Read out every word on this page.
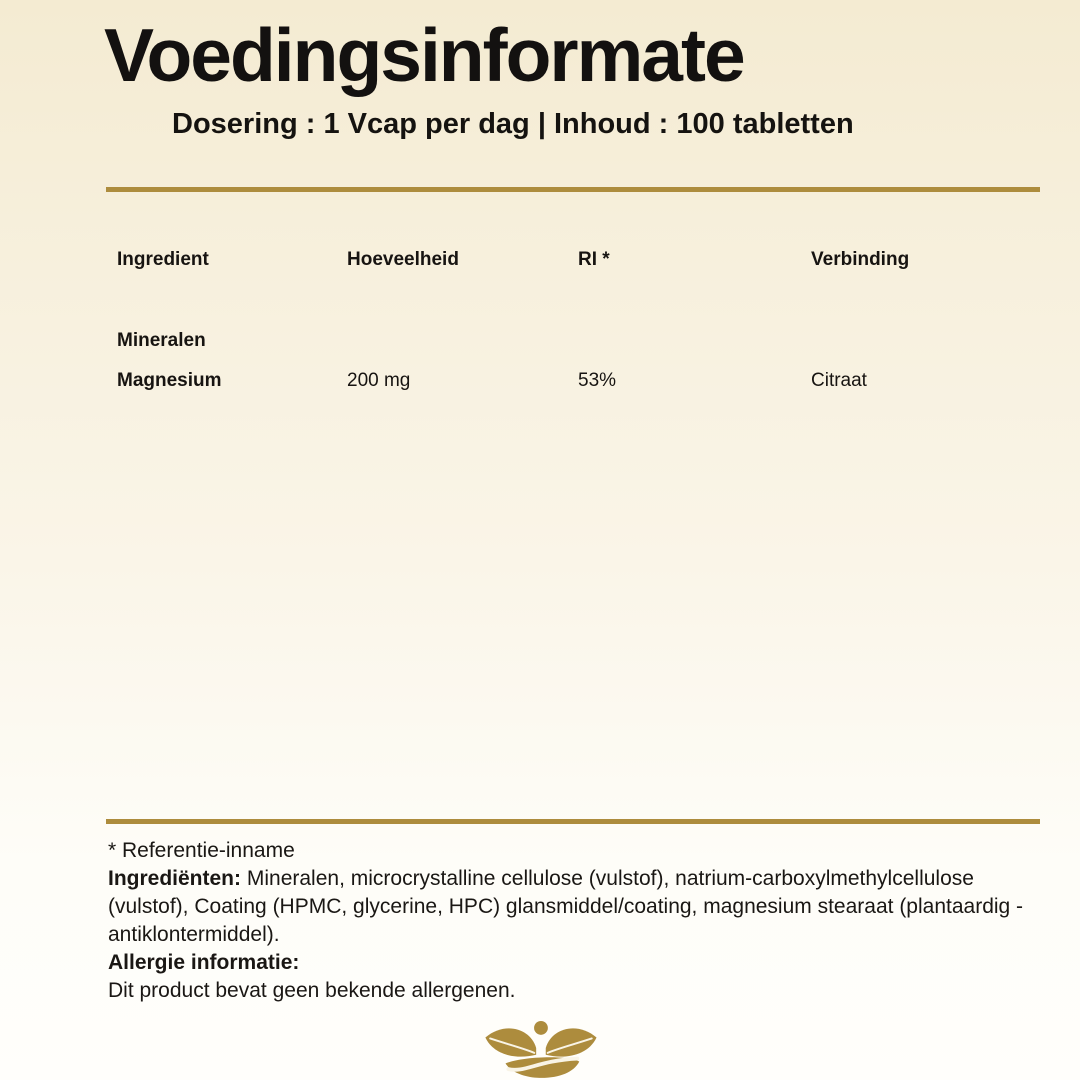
Voedingsinformate
Dosering : 1 Vcap per dag | Inhoud : 100 tabletten
Ingredient	Hoeveelheid	RI *	Verbinding
Mineralen
Magnesium	200 mg	53%	Citraat

* Referentie-inname

Ingrediënten: Mineralen, microcrystalline cellulose (vulstof), natrium-carboxylmethylcellulose (vulstof), Coating (HPMC, glycerine, HPC) glansmiddel/coating, magnesium stearaat (plantaardig - antiklontermiddel).

Allergie informatie:

Dit product bevat geen bekende allergenen.
